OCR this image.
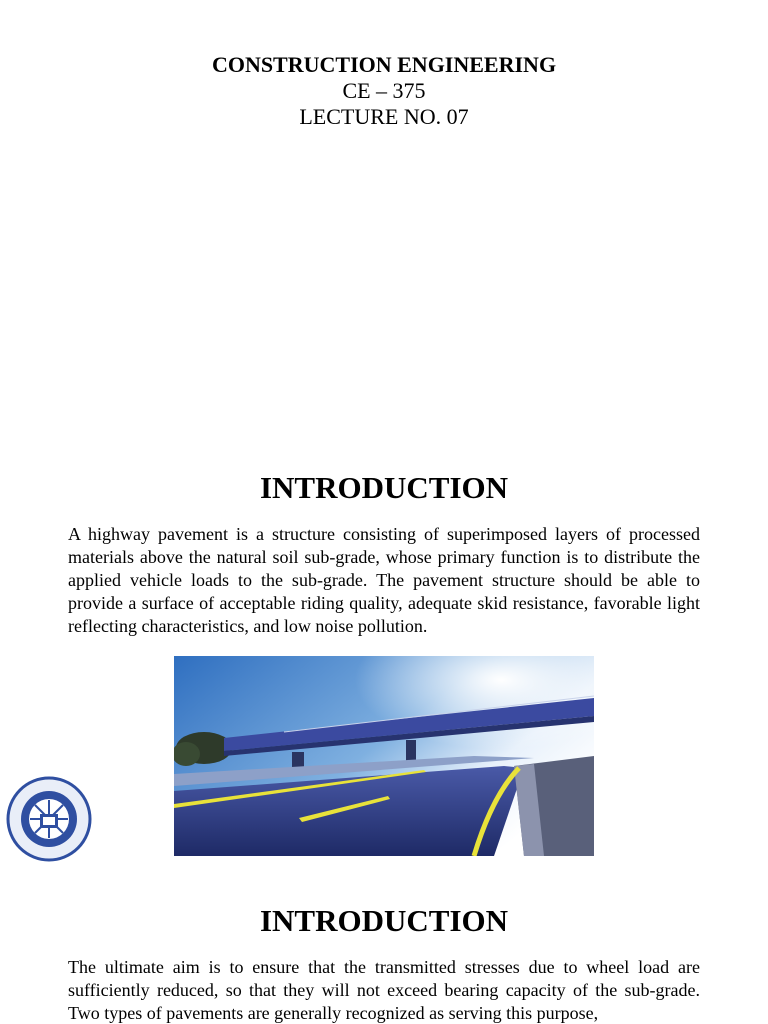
CONSTRUCTION ENGINEERING
CE – 375
LECTURE NO. 07
INTRODUCTION

A highway pavement is a structure consisting of superimposed layers of processed materials above the natural soil sub-grade, whose primary function is to distribute the applied vehicle loads to the sub-grade. The pavement structure should be able to provide a surface of acceptable riding quality, adequate skid resistance, favorable light reflecting characteristics, and low noise pollution.

INTRODUCTION

The ultimate aim is to ensure that the transmitted stresses due to wheel load are sufficiently reduced, so that they will not exceed bearing capacity of the sub-grade. Two types of pavements are generally recognized as serving this purpose,
